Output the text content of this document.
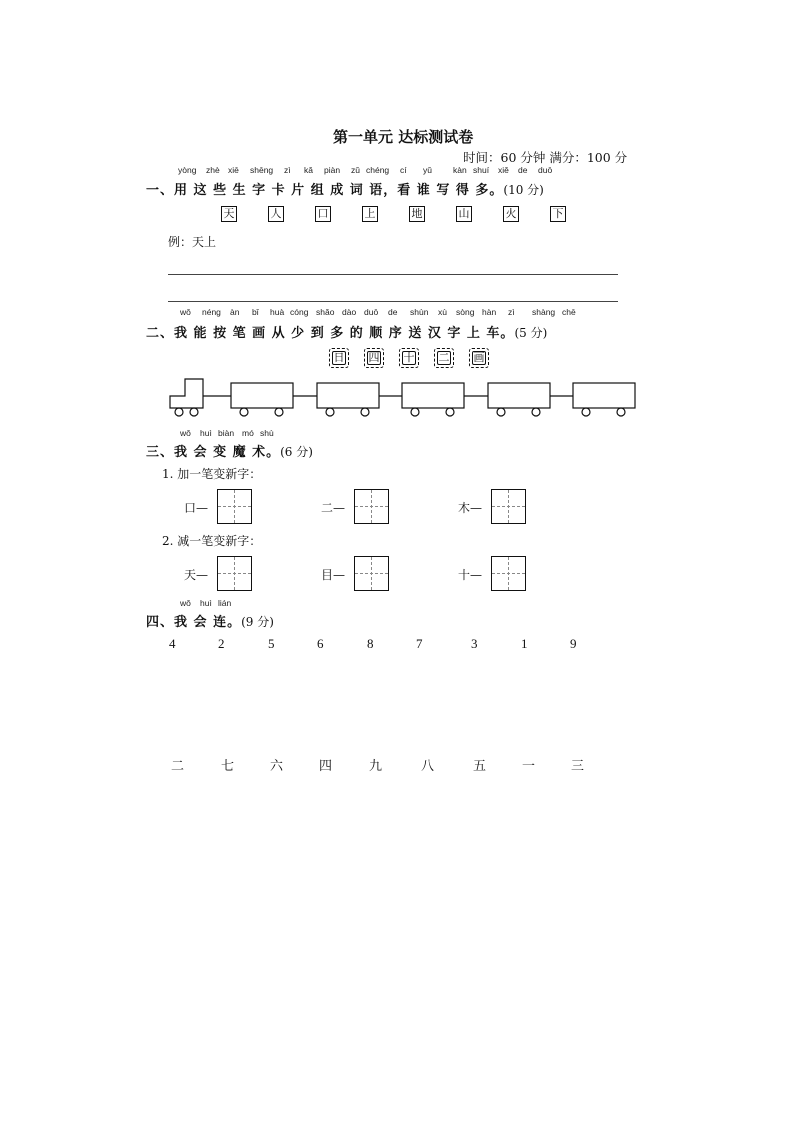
第一单元 达标测试卷
时间：60 分钟 满分：100 分
yòng zhè xiē shēng zì kǎ piàn zǔ chéng cí yǔ kàn shuí xiě de duō
一、用 这 些 生 字 卡 片 组 成 词 语，看 谁 写 得 多。(10 分)
天	人	口	上	地	山	火	下
例：天上
wǒ néng àn bǐ huà cóng shǎo dào duō de shùn xù sòng hàn zì shàng chē
二、我 能 按 笔 画 从 少 到 多 的 顺 序 送 汉 字 上 车。(5 分)
日	四	十	二	画
wǒ huì biàn mó shù
三、我 会 变 魔 术。(6 分)
1. 加一笔变新字：
口—	二—	木—
2. 减一笔变新字：
天—	目—	十—
wǒ huì lián
四、我 会 连。(9 分)
4	2	5	6	8	7	3	1	9
二	七	六	四	九	八	五	一	三
